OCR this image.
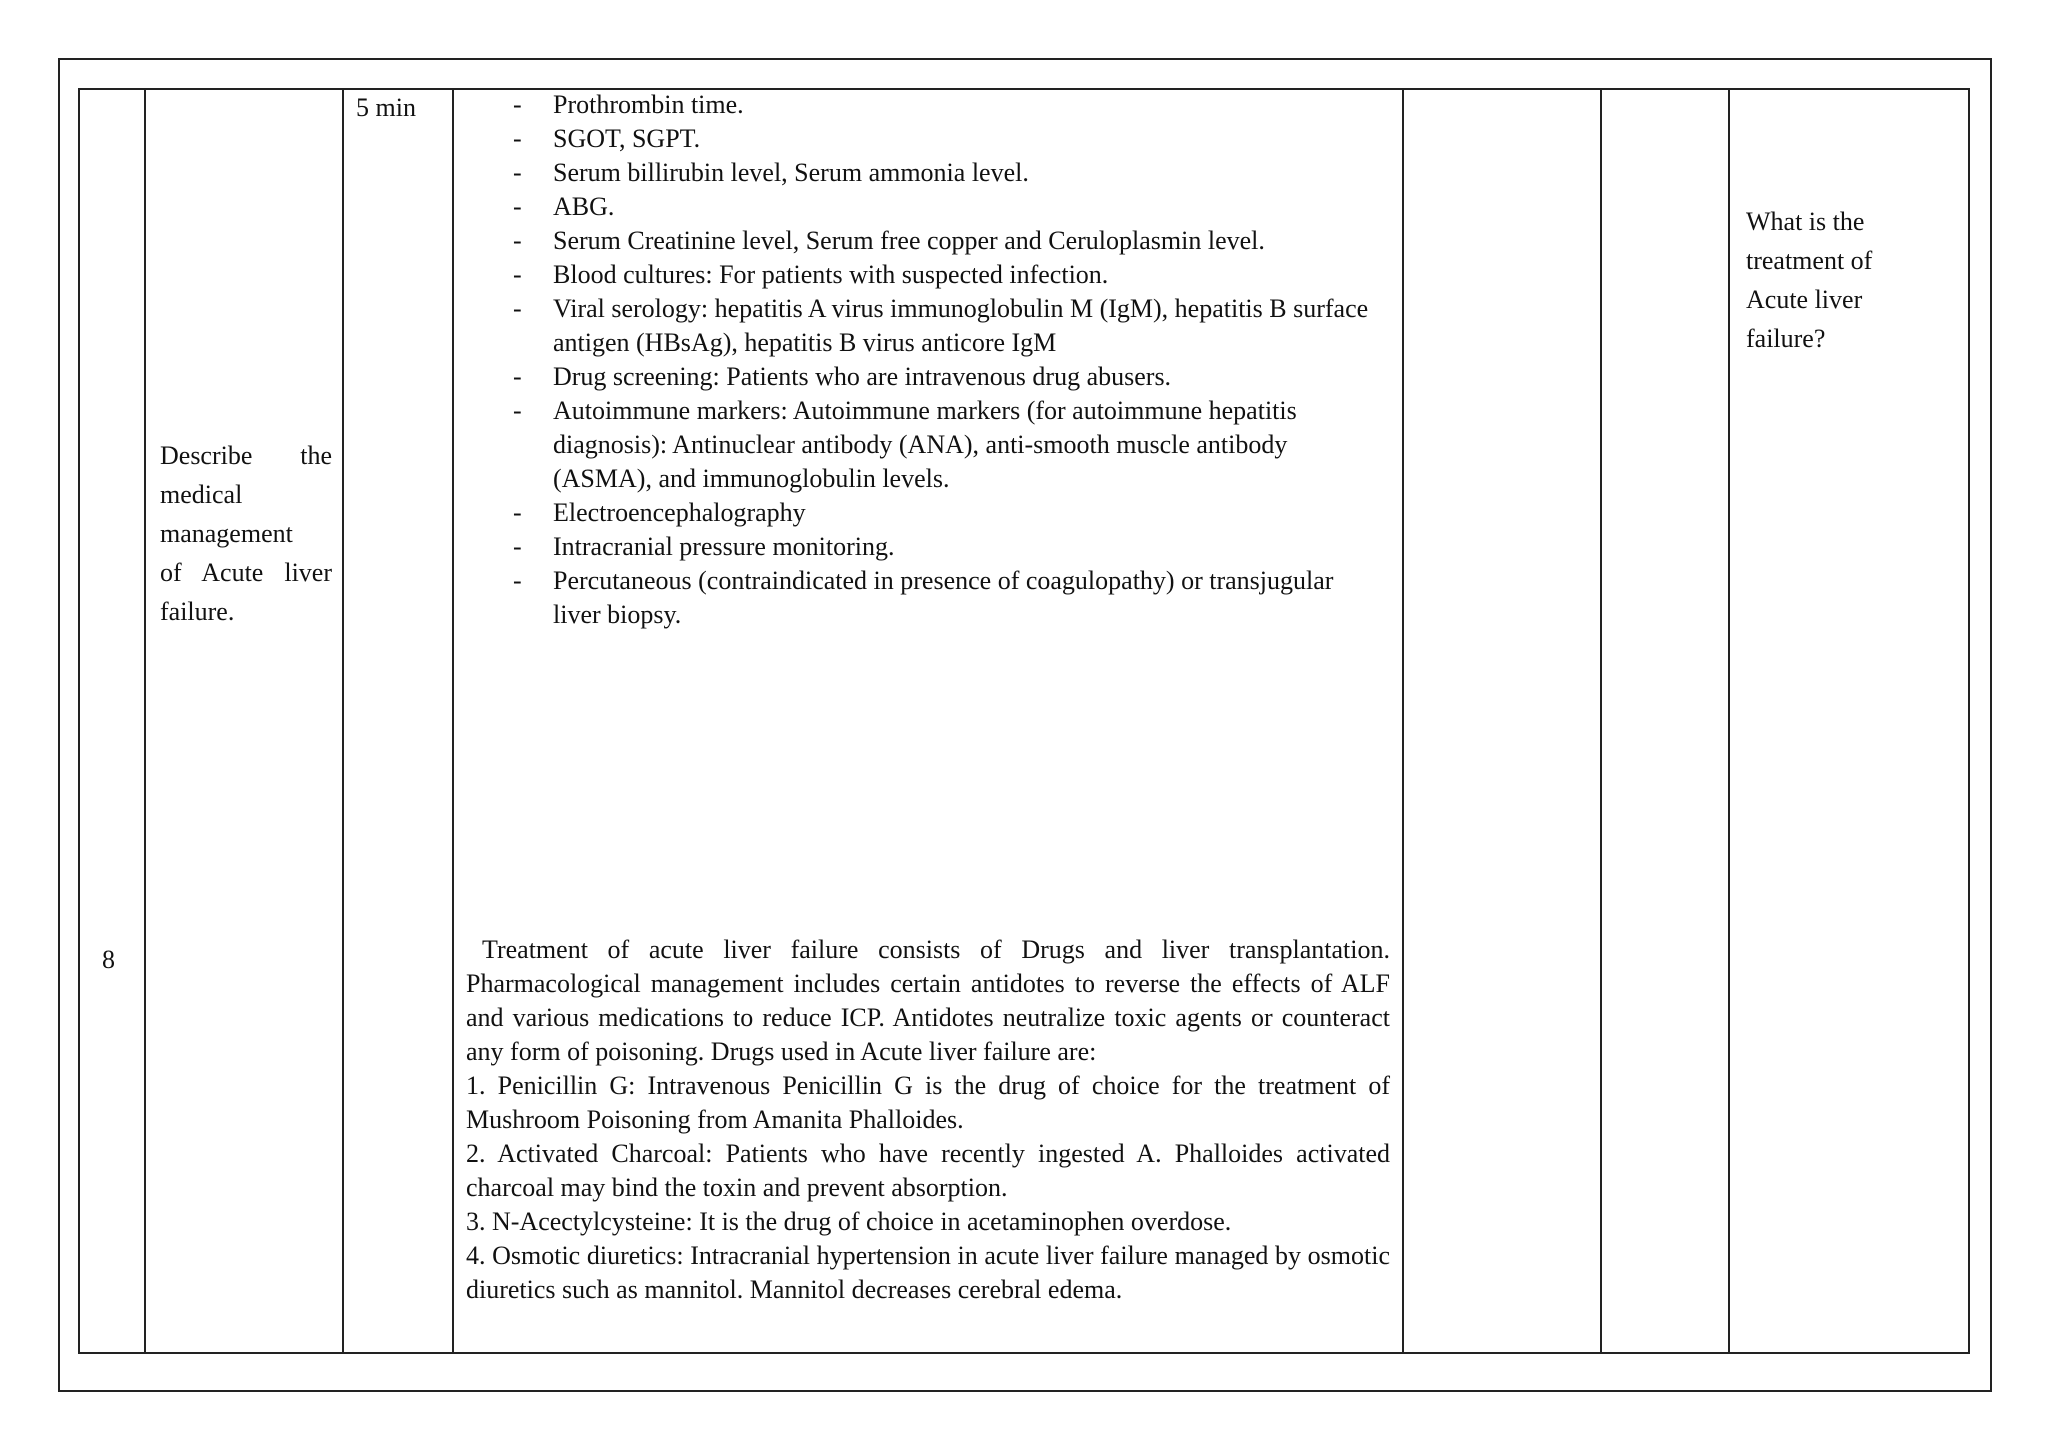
8
Describe the
medical
management
of Acute liver
failure.
5 min
-	Prothrombin time.
- SGOT, SGPT.
- Serum billirubin level, Serum ammonia level.
- ABG.
- Serum Creatinine level, Serum free copper and Ceruloplasmin level.
- Blood cultures: For patients with suspected infection.
- Viral serology: hepatitis A virus immunoglobulin M (IgM), hepatitis B surface antigen (HBsAg), hepatitis B virus anticore IgM
- Drug screening: Patients who are intravenous drug abusers.
- Autoimmune markers: Autoimmune markers (for autoimmune hepatitis diagnosis): Antinuclear antibody (ANA), anti-smooth muscle antibody (ASMA), and immunoglobulin levels.
- Electroencephalography
- Intracranial pressure monitoring.
- Percutaneous (contraindicated in presence of coagulopathy) or transjugular liver biopsy.

Treatment of acute liver failure consists of Drugs and liver transplantation. Pharmacological management includes certain antidotes to reverse the effects of ALF and various medications to reduce ICP. Antidotes neutralize toxic agents or counteract any form of poisoning. Drugs used in Acute liver failure are:

1. Penicillin G: Intravenous Penicillin G is the drug of choice for the treatment of Mushroom Poisoning from Amanita Phalloides.

2. Activated Charcoal: Patients who have recently ingested A. Phalloides activated charcoal may bind the toxin and prevent absorption.

3. N-Acectylcysteine: It is the drug of choice in acetaminophen overdose.

4. Osmotic diuretics: Intracranial hypertension in acute liver failure managed by osmotic diuretics such as mannitol. Mannitol decreases cerebral edema.

What is the
treatment of
Acute liver
failure?
